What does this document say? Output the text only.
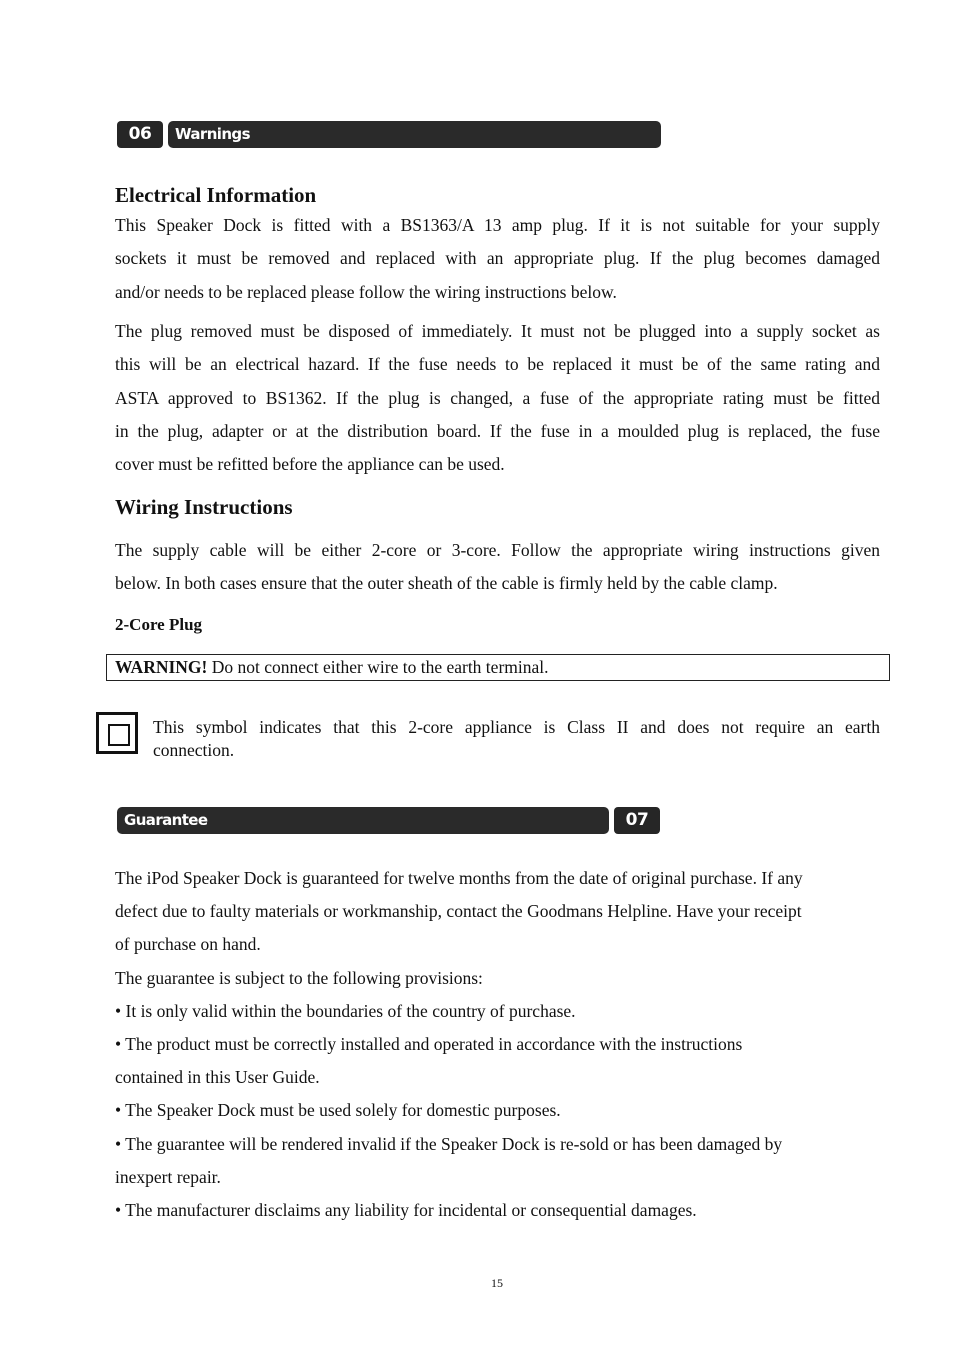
06	Warnings
Electrical Information
This Speaker Dock is fitted with a BS1363/A 13 amp plug. If it is not suitable for your supply
sockets it must be removed and replaced with an appropriate plug. If the plug becomes damaged
and/or needs to be replaced please follow the wiring instructions below.
The plug removed must be disposed of immediately. It must not be plugged into a supply socket as
this will be an electrical hazard. If the fuse needs to be replaced it must be of the same rating and
ASTA approved to BS1362. If the plug is changed, a fuse of the appropriate rating must be fitted
in the plug, adapter or at the distribution board. If the fuse in a moulded plug is replaced, the fuse
cover must be refitted before the appliance can be used.
Wiring Instructions
The supply cable will be either 2-core or 3-core. Follow the appropriate wiring instructions given
below. In both cases ensure that the outer sheath of the cable is firmly held by the cable clamp.
2-Core Plug
WARNING! Do not connect either wire to the earth terminal.
This symbol indicates that this 2-core appliance is Class II and does not require an earth
connection.
Guarantee	07
The iPod Speaker Dock is guaranteed for twelve months from the date of original purchase. If any
defect due to faulty materials or workmanship, contact the Goodmans Helpline. Have your receipt
of purchase on hand.
The guarantee is subject to the following provisions:
• It is only valid within the boundaries of the country of purchase.
• The product must be correctly installed and operated in accordance with the instructions
contained in this User Guide.
• The Speaker Dock must be used solely for domestic purposes.
• The guarantee will be rendered invalid if the Speaker Dock is re-sold or has been damaged by
inexpert repair.
• The manufacturer disclaims any liability for incidental or consequential damages.
15
